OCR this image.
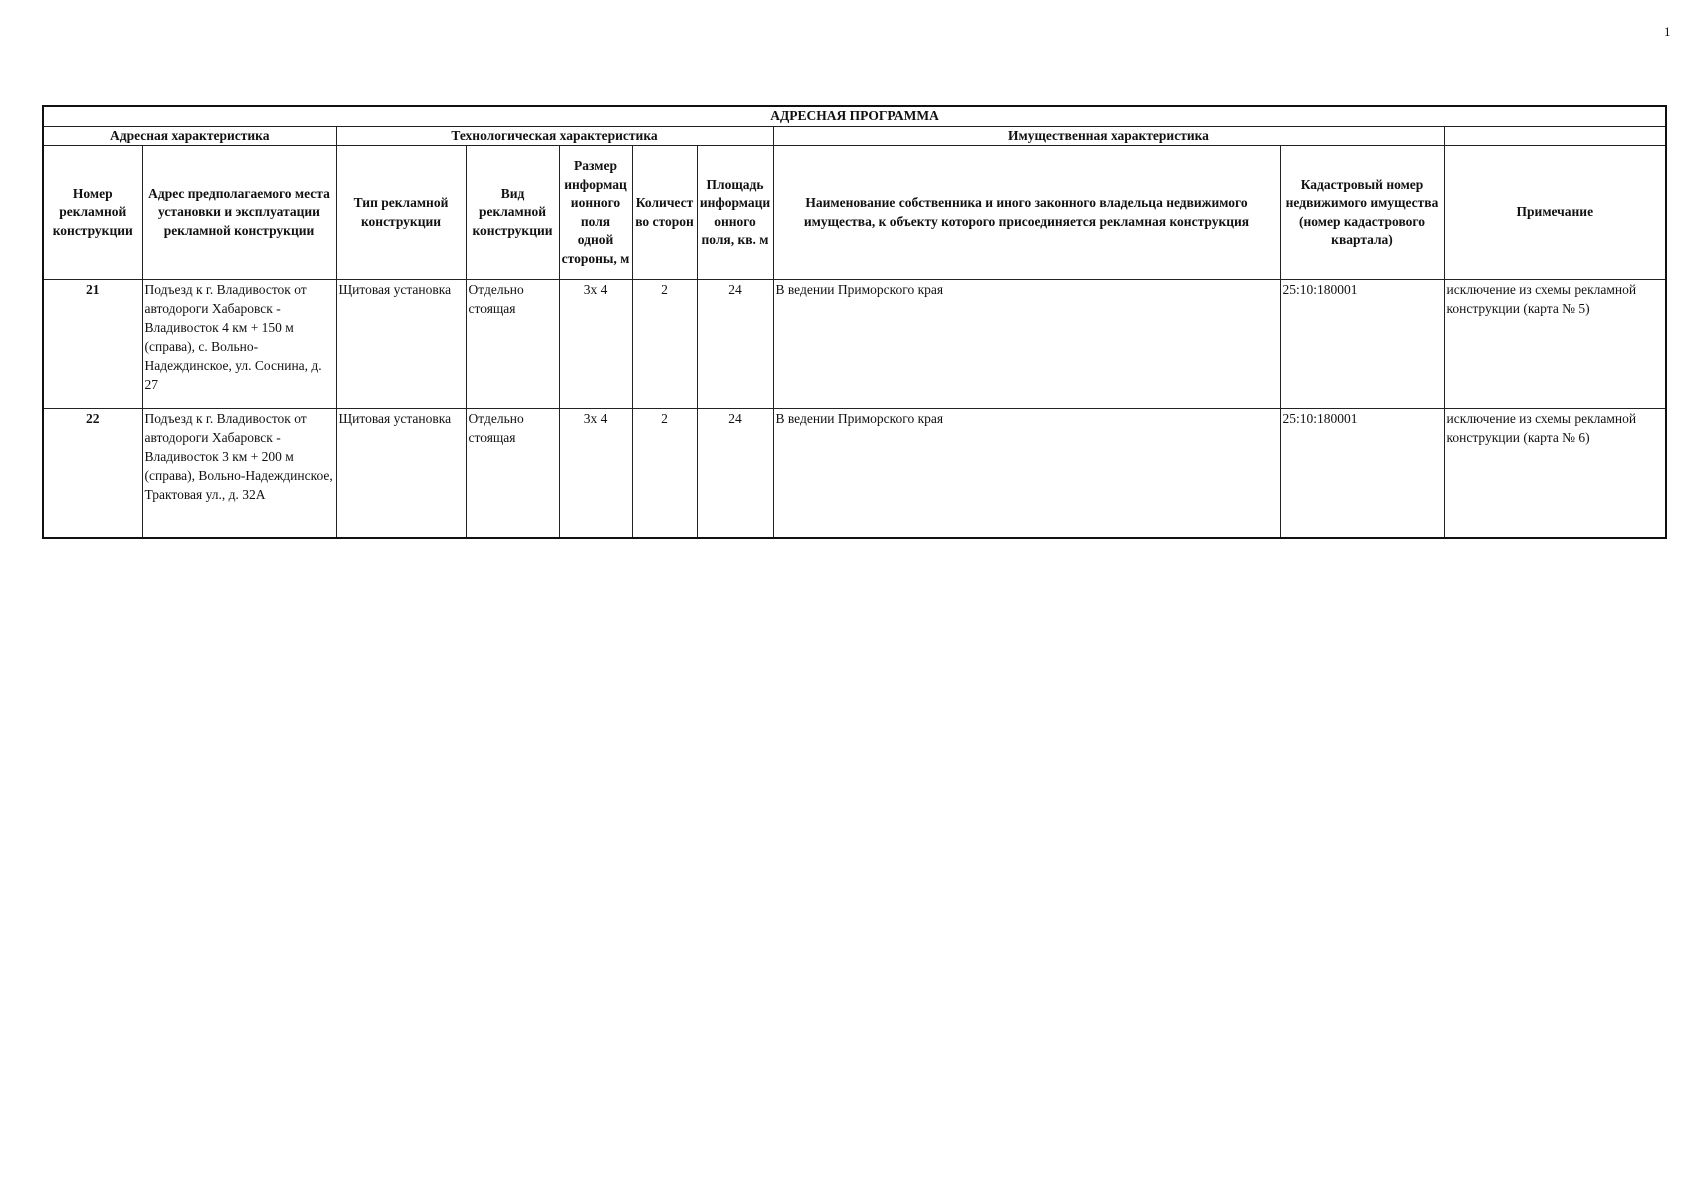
1
АДРЕСНАЯ ПРОГРАММА									
Адресная характеристика		Технологическая характеристика					Имущественная характеристика		
Номер рекламной конструкции	Адрес предполагаемого места установки и эксплуатации рекламной конструкции	Тип рекламной конструкции	Вид рекламной конструкции	Размер информационного поля одной стороны, м	Количество сторон	Площадь информационного поля, кв. м	Наименование собственника и иного законного владельца недвижимого имущества, к объекту которого присоединяется рекламная конструкция	Кадастровый номер недвижимого имущества (номер кадастрового квартала)	Примечание
21	Подъезд к г. Владивосток от автодороги Хабаровск - Владивосток 4 км + 150 м (справа), с. Вольно-Надеждинское, ул. Соснина, д. 27	Щитовая установка	Отдельно стоящая	3х 4	2	24	В ведении Приморского края	25:10:180001	исключение из схемы рекламной конструкции (карта № 5)
22	Подъезд к г. Владивосток от автодороги Хабаровск - Владивосток 3 км + 200 м (справа), Вольно-Надеждинское, Трактовая ул., д. 32А	Щитовая установка	Отдельно стоящая	3х 4	2	24	В ведении Приморского края	25:10:180001	исключение из схемы рекламной конструкции (карта № 6)
